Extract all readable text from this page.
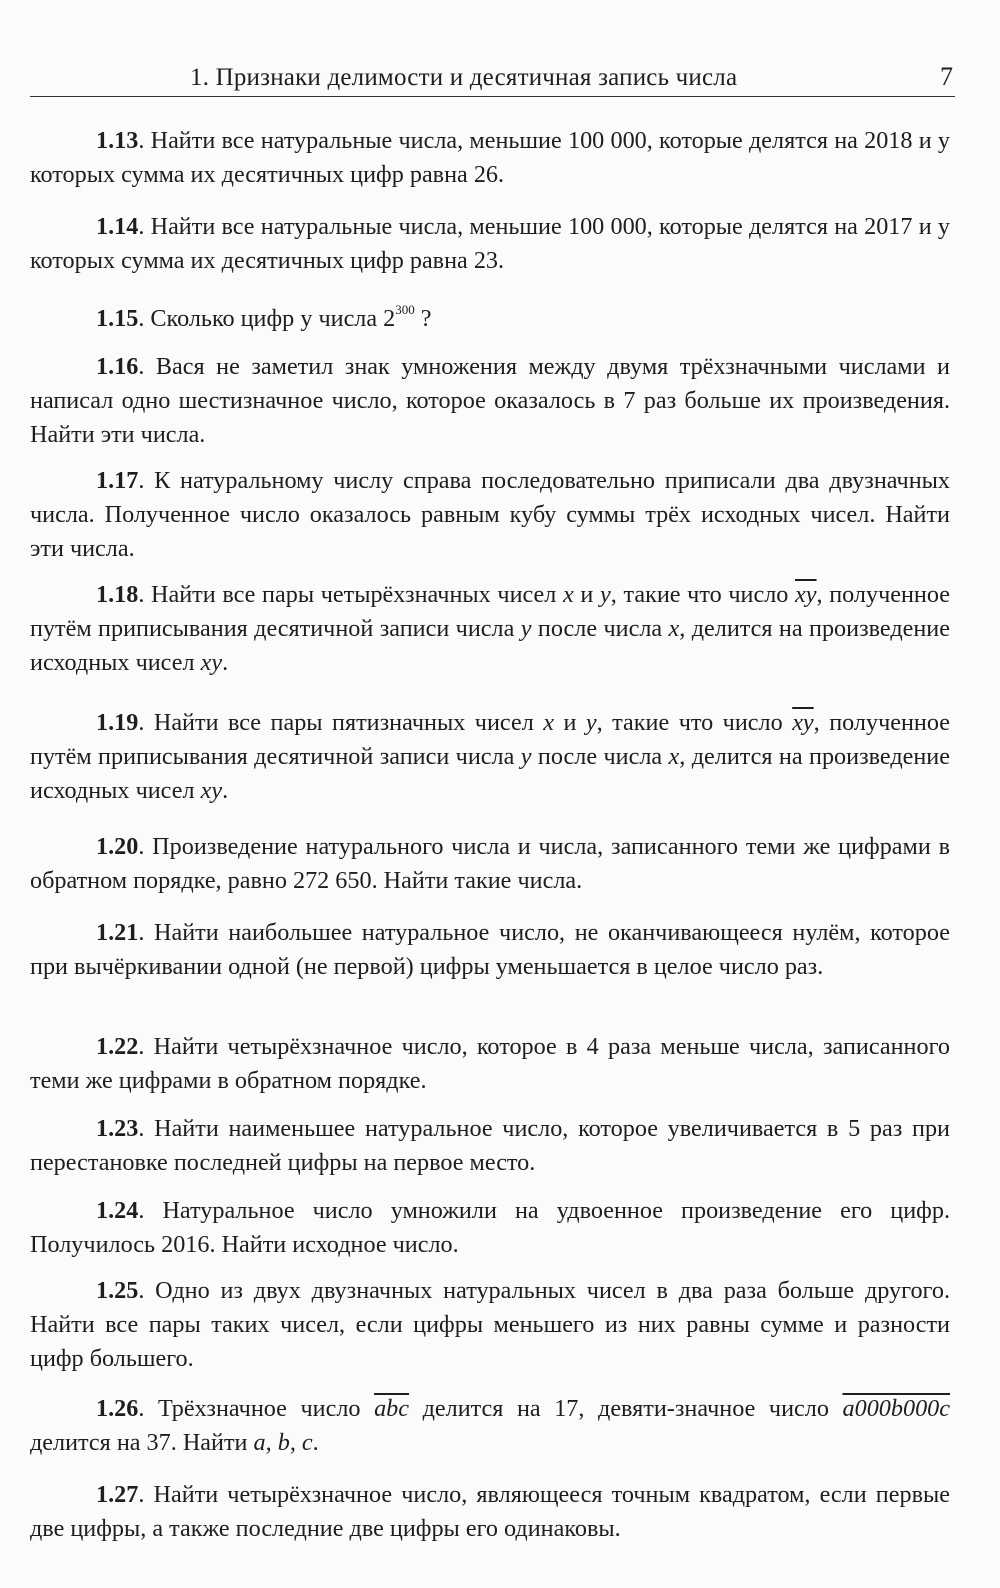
1. Признаки делимости и десятичная запись числа	7
1.13. Найти все натуральные числа, меньшие 100 000, которые делятся на 2018 и у которых сумма их десятичных цифр равна 26.
1.14. Найти все натуральные числа, меньшие 100 000, которые делятся на 2017 и у которых сумма их десятичных цифр равна 23.
1.15. Сколько цифр у числа $2^{300}$ ?
1.16. Вася не заметил знак умножения между двумя трёхзначными числами и написал одно шестизначное число, которое оказалось в 7 раз больше их произведения. Найти эти числа.
1.17. К натуральному числу справа последовательно приписали два двузначных числа. Полученное число оказалось равным кубу суммы трёх исходных чисел. Найти эти числа.
1.18. Найти все пары четырёхзначных чисел x и y, такие что число $\overline{xy}$, полученное путём приписывания десятичной записи числа y после числа x, делится на произведение исходных чисел xy.
1.19. Найти все пары пятизначных чисел x и y, такие что число $\overline{xy}$, полученное путём приписывания десятичной записи числа y после числа x, делится на произведение исходных чисел xy.
1.20. Произведение натурального числа и числа, записанного теми же цифрами в обратном порядке, равно 272 650. Найти такие числа.
1.21. Найти наибольшее натуральное число, не оканчивающееся нулём, которое при вычёркивании одной (не первой) цифры уменьшается в целое число раз.
1.22. Найти четырёхзначное число, которое в 4 раза меньше числа, записанного теми же цифрами в обратном порядке.
1.23. Найти наименьшее натуральное число, которое увеличивается в 5 раз при перестановке последней цифры на первое место.
1.24. Натуральное число умножили на удвоенное произведение его цифр. Получилось 2016. Найти исходное число.
1.25. Одно из двух двузначных натуральных чисел в два раза больше другого. Найти все пары таких чисел, если цифры меньшего из них равны сумме и разности цифр большего.
1.26. Трёхзначное число $\overline{abc}$ делится на 17, девяти-значное число a000b000c делится на 37. Найти a, b, c.
1.27. Найти четырёхзначное число, являющееся точным квадратом, если первые две цифры, а также последние две цифры его одинаковы.
